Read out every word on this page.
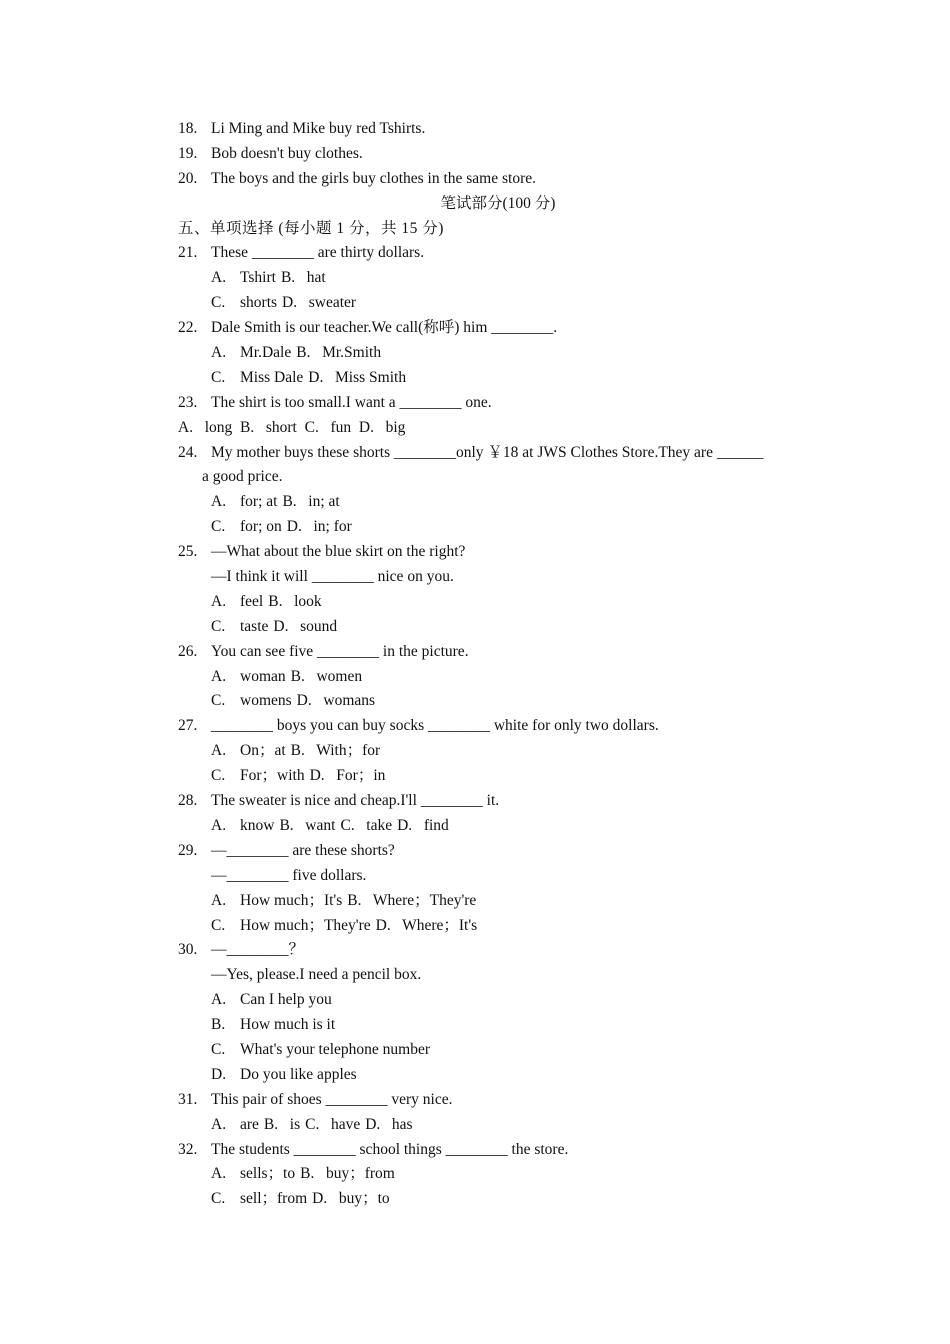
18. Li Ming and Mike buy red Tshirts.
19. Bob doesn't buy clothes.
20. The boys and the girls buy clothes in the same store.
笔试部分(100 分)
五、单项选择 (每小题 1 分，共 15 分)
21. These ________ are thirty dollars.
A. Tshirt B. hat
C. shorts D. sweater
22. Dale Smith is our teacher.We call(称呼) him ________.
A. Mr.Dale B. Mr.Smith
C. Miss Dale D. Miss Smith
23. The shirt is too small.I want a ________ one.
A.   long  B.   short  C.   fun  D.   big
24. My mother buys these shorts ________only ￥18 at JWS Clothes Store.They are ______
a good price.
A. for; at B. in; at
C. for; on D. in; for
25. —What about the blue skirt on the right?
—I think it will ________ nice on you.
A. feel B. look
C. taste D. sound
26. You can see five ________ in the picture.
A. woman B. women
C. womens D. womans
27. ________ boys you can buy socks ________ white for only two dollars.
A. On；at B. With；for
C. For；with D. For；in
28. The sweater is nice and cheap.I'll ________ it.
A. know B. want C. take D. find
29. —________ are these shorts?
—________ five dollars.
A. How much；It's B. Where；They're
C. How much；They're D. Where；It's
30. —________？
—Yes, please.I need a pencil box.
A. Can I help you
B. How much is it
C. What's your telephone number
D. Do you like apples
31. This pair of shoes ________ very nice.
A. are B. is C. have D. has
32. The students ________ school things ________ the store.
A. sells；to B. buy；from
C. sell；from D. buy；to
